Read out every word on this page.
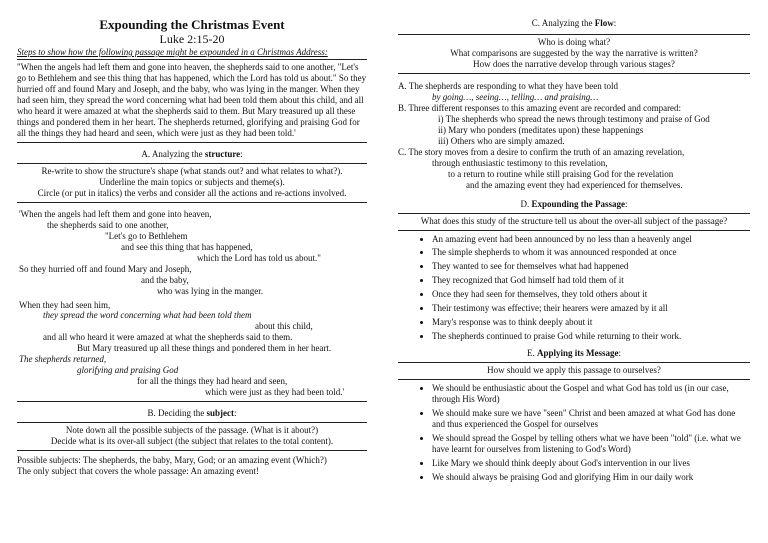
Expounding the Christmas Event
Luke 2:15-20
Steps to show how the following passage might be expounded in a Christmas Address:
"When the angels had left them and gone into heaven, the shepherds said to one another, "Let's go to Bethlehem and see this thing that has happened, which the Lord has told us about." So they hurried off and found Mary and Joseph, and the baby, who was lying in the manger. When they had seen him, they spread the word concerning what had been told them about this child, and all who heard it were amazed at what the shepherds said to them. But Mary treasured up all these things and pondered them in her heart. The shepherds returned, glorifying and praising God for all the things they had heard and seen, which were just as they had been told.'
A. Analyzing the structure:
Re-write to show the structure's shape (what stands out? and what relates to what?).
Underline the main topics or subjects and theme(s).
Circle (or put in italics) the verbs and consider all the actions and re-actions involved.
'When the angels had left them and gone into heaven,
the shepherds said to one another,
"Let's go to Bethlehem
and see this thing that has happened,
which the Lord has told us about."
So they hurried off and found Mary and Joseph,
and the baby,
who was lying in the manger.
When they had seen him,
they spread the word concerning what had been told them
about this child,
and all who heard it were amazed at what the shepherds said to them.
But Mary treasured up all these things and pondered them in her heart.
The shepherds returned,
glorifying and praising God
for all the things they had heard and seen,
which were just as they had been told.'
B. Deciding the subject:
Note down all the possible subjects of the passage. (What is it about?)
Decide what is its over-all subject (the subject that relates to the total content).
Possible subjects: The shepherds, the baby, Mary, God; or an amazing event (Which?)
The only subject that covers the whole passage: An amazing event!
C. Analyzing the Flow:
Who is doing what?
What comparisons are suggested by the way the narrative is written?
How does the narrative develop through various stages?
A. The shepherds are responding to what they have been told
by going…, seeing…, telling… and praising…
B. Three different responses to this amazing event are recorded and compared:
i) The shepherds who spread the news through testimony and praise of God
ii) Mary who ponders (meditates upon) these happenings
iii) Others who are simply amazed.
C. The story moves from a desire to confirm the truth of an amazing revelation,
through enthusiastic testimony to this revelation,
to a return to routine while still praising God for the revelation
and the amazing event they had experienced for themselves.
D. Expounding the Passage:
What does this study of the structure tell us about the over-all subject of the passage?
• An amazing event had been announced by no less than a heavenly angel
• The simple shepherds to whom it was announced responded at once
• They wanted to see for themselves what had happened
• They recognized that God himself had told them of it
• Once they had seen for themselves, they told others about it
• Their testimony was effective; their hearers were amazed by it all
• Mary's response was to think deeply about it
• The shepherds continued to praise God while returning to their work.
E. Applying its Message:
How should we apply this passage to ourselves?
• We should be enthusiastic about the Gospel and what God has told us (in our case, through His Word)
• We should make sure we have "seen" Christ and been amazed at what God has done and thus experienced the Gospel for ourselves
• We should spread the Gospel by telling others what we have been "told" (i.e. what we have learnt for ourselves from listening to God's Word)
• Like Mary we should think deeply about God's intervention in our lives
• We should always be praising God and glorifying Him in our daily work
